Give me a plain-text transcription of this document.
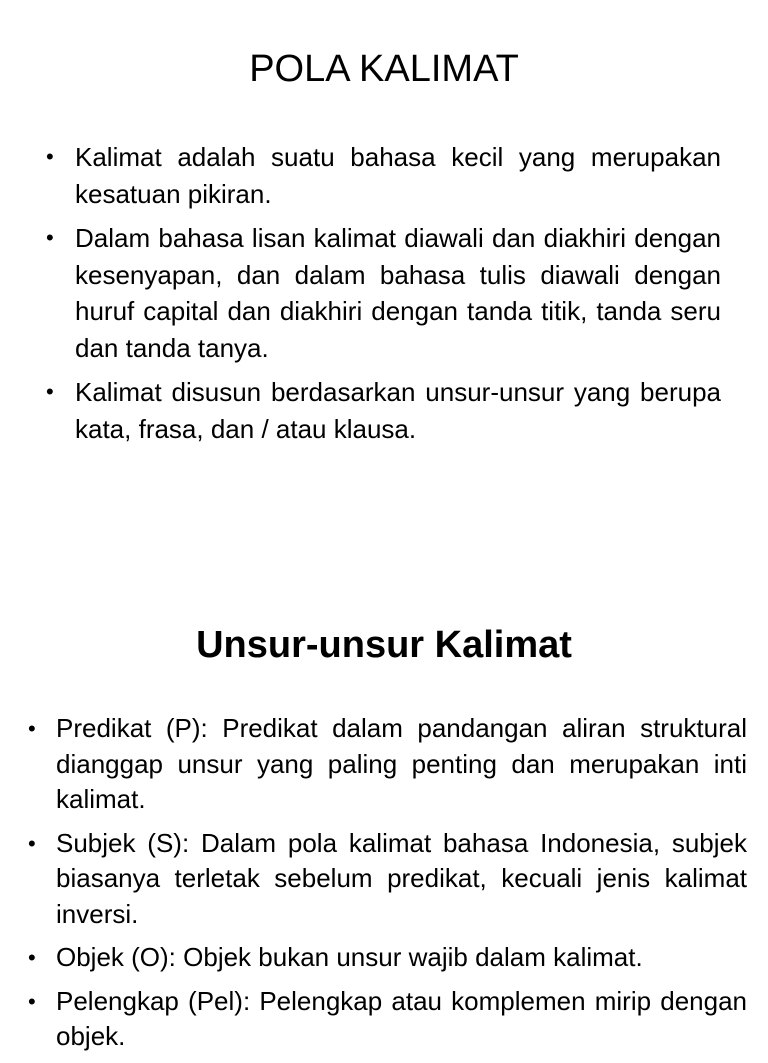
POLA KALIMAT
• Kalimat adalah suatu bahasa kecil yang merupakan kesatuan pikiran.
• Dalam bahasa lisan kalimat diawali dan diakhiri dengan kesenyapan, dan dalam bahasa tulis diawali dengan huruf capital dan diakhiri dengan tanda titik, tanda seru dan tanda tanya.
• Kalimat disusun berdasarkan unsur-unsur yang berupa kata, frasa, dan / atau klausa.
Unsur-unsur Kalimat
• Predikat (P): Predikat dalam pandangan aliran struktural dianggap unsur yang paling penting dan merupakan inti kalimat.
• Subjek (S): Dalam pola kalimat bahasa Indonesia, subjek biasanya terletak sebelum predikat, kecuali jenis kalimat inversi.
• Objek (O): Objek bukan unsur wajib dalam kalimat.
• Pelengkap (Pel): Pelengkap atau komplemen mirip dengan objek.
